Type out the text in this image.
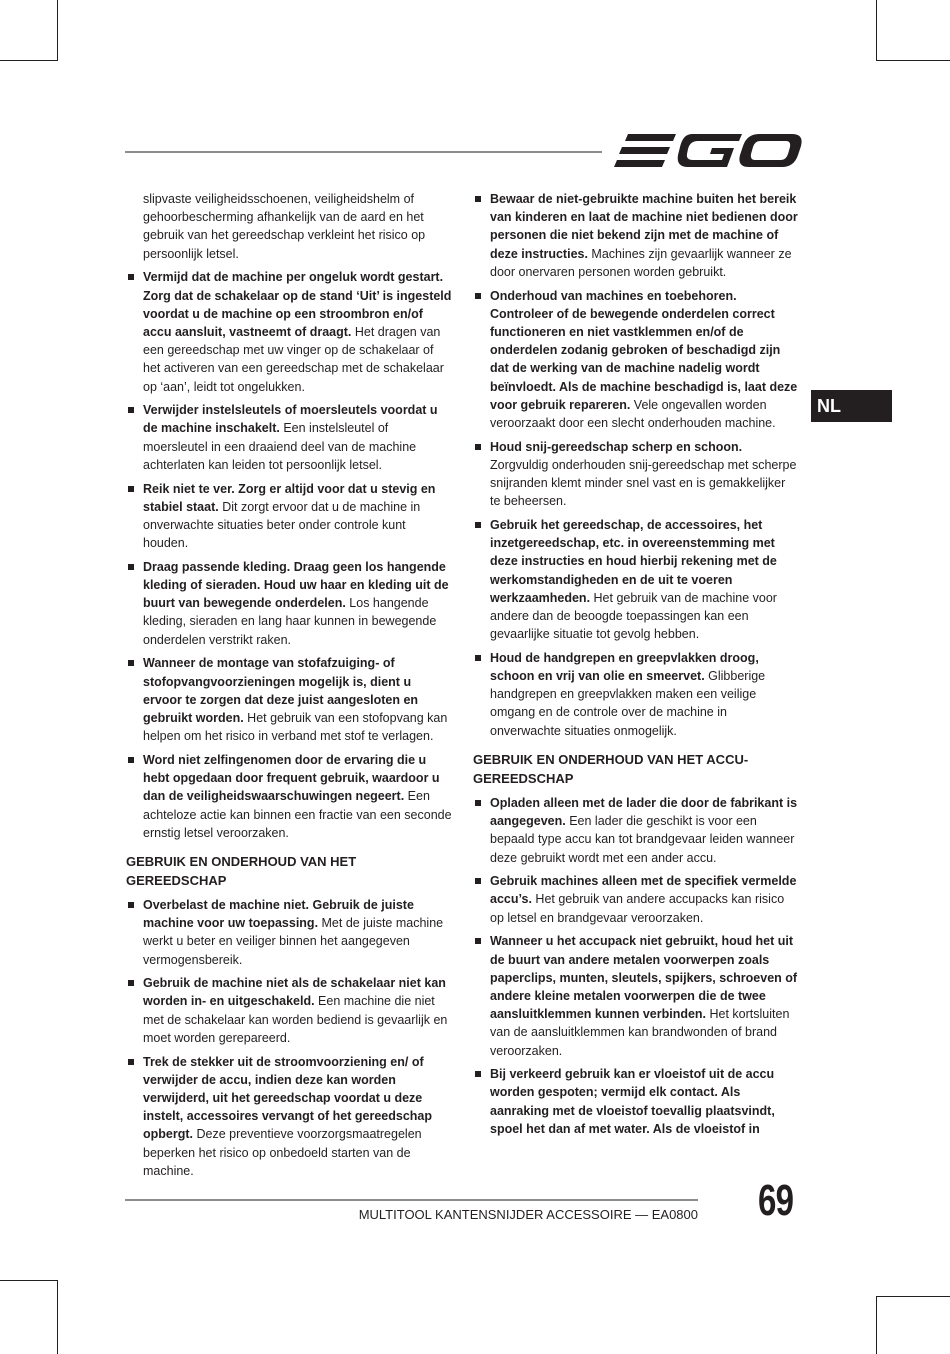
NL
slipvaste veiligheidsschoenen, veiligheidshelm of gehoorbescherming afhankelijk van de aard en het gebruik van het gereedschap verkleint het risico op persoonlijk letsel.
Vermijd dat de machine per ongeluk wordt gestart. Zorg dat de schakelaar op de stand ‘Uit’ is ingesteld voordat u de machine op een stroombron en/of accu aansluit, vastneemt of draagt. Het dragen van een gereedschap met uw vinger op de schakelaar of het activeren van een gereedschap met de schakelaar op ‘aan’, leidt tot ongelukken.
Verwijder instelsleutels of moersleutels voordat u de machine inschakelt. Een instelsleutel of moersleutel in een draaiend deel van de machine achterlaten kan leiden tot persoonlijk letsel.
Reik niet te ver. Zorg er altijd voor dat u stevig en stabiel staat. Dit zorgt ervoor dat u de machine in onverwachte situaties beter onder controle kunt houden.
Draag passende kleding. Draag geen los hangende kleding of sieraden. Houd uw haar en kleding uit de buurt van bewegende onderdelen. Los hangende kleding, sieraden en lang haar kunnen in bewegende onderdelen verstrikt raken.
Wanneer de montage van stofafzuiging- of stofopvangvoorzieningen mogelijk is, dient u ervoor te zorgen dat deze juist aangesloten en gebruikt worden. Het gebruik van een stofopvang kan helpen om het risico in verband met stof te verlagen.
Word niet zelfingenomen door de ervaring die u hebt opgedaan door frequent gebruik, waardoor u dan de veiligheidswaarschuwingen negeert. Een achteloze actie kan binnen een fractie van een seconde ernstig letsel veroorzaken.
GEBRUIK EN ONDERHOUD VAN HET GEREEDSCHAP
Overbelast de machine niet. Gebruik de juiste machine voor uw toepassing. Met de juiste machine werkt u beter en veiliger binnen het aangegeven vermogensbereik.
Gebruik de machine niet als de schakelaar niet kan worden in- en uitgeschakeld. Een machine die niet met de schakelaar kan worden bediend is gevaarlijk en moet worden gerepareerd.
Trek de stekker uit de stroomvoorziening en/ of verwijder de accu, indien deze kan worden verwijderd, uit het gereedschap voordat u deze instelt, accessoires vervangt of het gereedschap opbergt. Deze preventieve voorzorgsmaatregelen beperken het risico op onbedoeld starten van de machine.
Bewaar de niet-gebruikte machine buiten het bereik van kinderen en laat de machine niet bedienen door personen die niet bekend zijn met de machine of deze instructies. Machines zijn gevaarlijk wanneer ze door onervaren personen worden gebruikt.
Onderhoud van machines en toebehoren. Controleer of de bewegende onderdelen correct functioneren en niet vastklemmen en/of de onderdelen zodanig gebroken of beschadigd zijn dat de werking van de machine nadelig wordt beïnvloedt. Als de machine beschadigd is, laat deze voor gebruik repareren. Vele ongevallen worden veroorzaakt door een slecht onderhouden machine.
Houd snij-gereedschap scherp en schoon. Zorgvuldig onderhouden snij-gereedschap met scherpe snijranden klemt minder snel vast en is gemakkelijker te beheersen.
Gebruik het gereedschap, de accessoires, het inzetgereedschap, etc. in overeenstemming met deze instructies en houd hierbij rekening met de werkomstandigheden en de uit te voeren werkzaamheden. Het gebruik van de machine voor andere dan de beoogde toepassingen kan een gevaarlijke situatie tot gevolg hebben.
Houd de handgrepen en greepvlakken droog, schoon en vrij van olie en smeervet. Glibberige handgrepen en greepvlakken maken een veilige omgang en de controle over de machine in onverwachte situaties onmogelijk.
GEBRUIK EN ONDERHOUD VAN HET ACCU-GEREEDSCHAP
Opladen alleen met de lader die door de fabrikant is aangegeven. Een lader die geschikt is voor een bepaald type accu kan tot brandgevaar leiden wanneer deze gebruikt wordt met een ander accu.
Gebruik machines alleen met de specifiek vermelde accu’s. Het gebruik van andere accupacks kan risico op letsel en brandgevaar veroorzaken.
Wanneer u het accupack niet gebruikt, houd het uit de buurt van andere metalen voorwerpen zoals paperclips, munten, sleutels, spijkers, schroeven of andere kleine metalen voorwerpen die de twee aansluitklemmen kunnen verbinden. Het kortsluiten van de aansluitklemmen kan brandwonden of brand veroorzaken.
Bij verkeerd gebruik kan er vloeistof uit de accu worden gespoten; vermijd elk contact. Als aanraking met de vloeistof toevallig plaatsvindt, spoel het dan af met water. Als de vloeistof in
MULTITOOL KANTENSNIJDER ACCESSOIRE — EA0800 69
